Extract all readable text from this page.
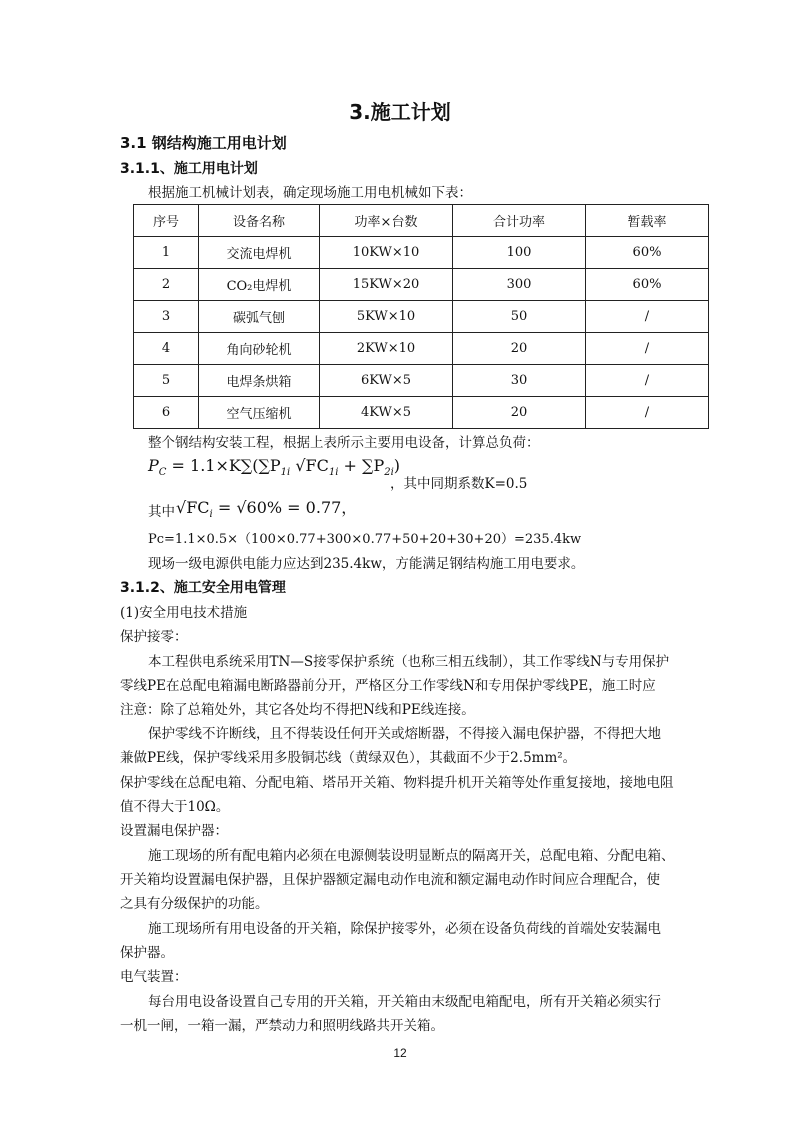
3.施工计划
3.1 钢结构施工用电计划
3.1.1、施工用电计划
根据施工机械计划表，确定现场施工用电机械如下表：
序号	设备名称	功率×台数	合计功率	暂载率
1	交流电焊机	10KW×10	100	60%
2	CO₂电焊机	15KW×20	300	60%
3	碳弧气刨	5KW×10	50	/
4	角向砂轮机	2KW×10	20	/
5	电焊条烘箱	6KW×5	30	/
6	空气压缩机	4KW×5	20	/
整个钢结构安装工程，根据上表所示主要用电设备，计算总负荷：
$P_C = 1.1\times K\sum(\sum P_{1i}$ $√FC_{1i} + \sum P_{2i}$)
，其中同期系数K=0.5
其中 $√FC_i = √60\% = 0.77$，
Pc=1.1×0.5×（100×0.77+300×0.77+50+20+30+20）=235.4kw
现场一级电源供电能力应达到235.4kw，方能满足钢结构施工用电要求。
3.1.2、施工安全用电管理
(1)安全用电技术措施
保护接零：
本工程供电系统采用TN—S接零保护系统（也称三相五线制），其工作零线N与专用保护
零线PE在总配电箱漏电断路器前分开，严格区分工作零线N和专用保护零线PE，施工时应
注意：除了总箱处外，其它各处均不得把N线和PE线连接。
保护零线不许断线，且不得装设任何开关或熔断器，不得接入漏电保护器，不得把大地
兼做PE线，保护零线采用多股铜芯线（黄绿双色），其截面不少于2.5mm²。
保护零线在总配电箱、分配电箱、塔吊开关箱、物料提升机开关箱等处作重复接地，接地电阻
值不得大于10Ω。
设置漏电保护器：
施工现场的所有配电箱内必须在电源侧装设明显断点的隔离开关，总配电箱、分配电箱、
开关箱均设置漏电保护器，且保护器额定漏电动作电流和额定漏电动作时间应合理配合，使
之具有分级保护的功能。
施工现场所有用电设备的开关箱，除保护接零外，必须在设备负荷线的首端处安装漏电
保护器。
电气装置：
每台用电设备设置自己专用的开关箱，开关箱由末级配电箱配电，所有开关箱必须实行
一机一闸，一箱一漏，严禁动力和照明线路共开关箱。
12
